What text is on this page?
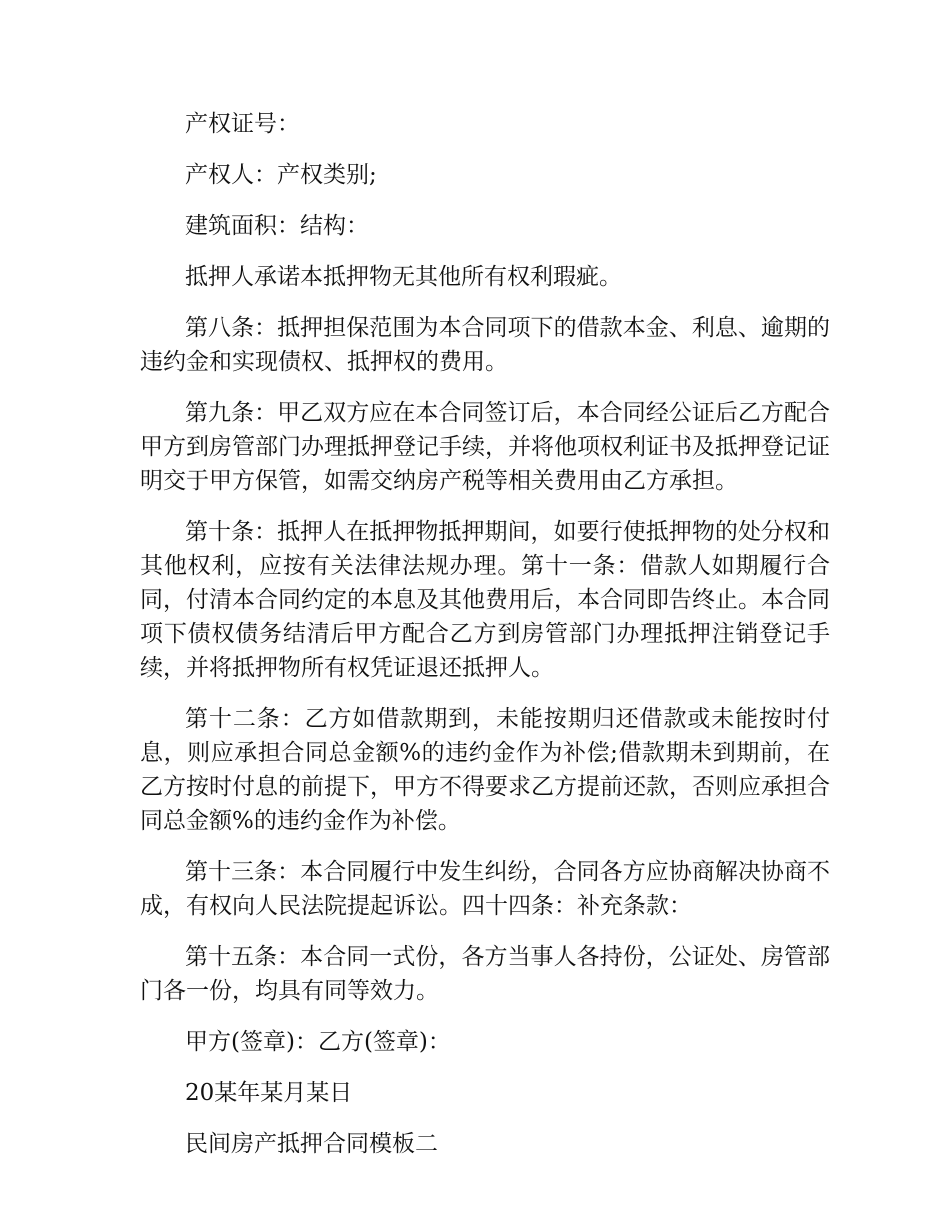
产权证号：

产权人：产权类别;

建筑面积：结构：

抵押人承诺本抵押物无其他所有权利瑕疵。

第八条：抵押担保范围为本合同项下的借款本金、利息、逾期的违约金和实现债权、抵押权的费用。

第九条：甲乙双方应在本合同签订后，本合同经公证后乙方配合甲方到房管部门办理抵押登记手续，并将他项权利证书及抵押登记证明交于甲方保管，如需交纳房产税等相关费用由乙方承担。

第十条：抵押人在抵押物抵押期间，如要行使抵押物的处分权和其他权利，应按有关法律法规办理。第十一条：借款人如期履行合同，付清本合同约定的本息及其他费用后，本合同即告终止。本合同项下债权债务结清后甲方配合乙方到房管部门办理抵押注销登记手续，并将抵押物所有权凭证退还抵押人。

第十二条：乙方如借款期到，未能按期归还借款或未能按时付息，则应承担合同总金额%的违约金作为补偿;借款期未到期前，在乙方按时付息的前提下，甲方不得要求乙方提前还款，否则应承担合同总金额%的违约金作为补偿。

第十三条：本合同履行中发生纠纷，合同各方应协商解决协商不成，有权向人民法院提起诉讼。四十四条：补充条款：

第十五条：本合同一式份，各方当事人各持份，公证处、房管部门各一份，均具有同等效力。

甲方(签章)：乙方(签章)：

20某年某月某日

民间房产抵押合同模板二
